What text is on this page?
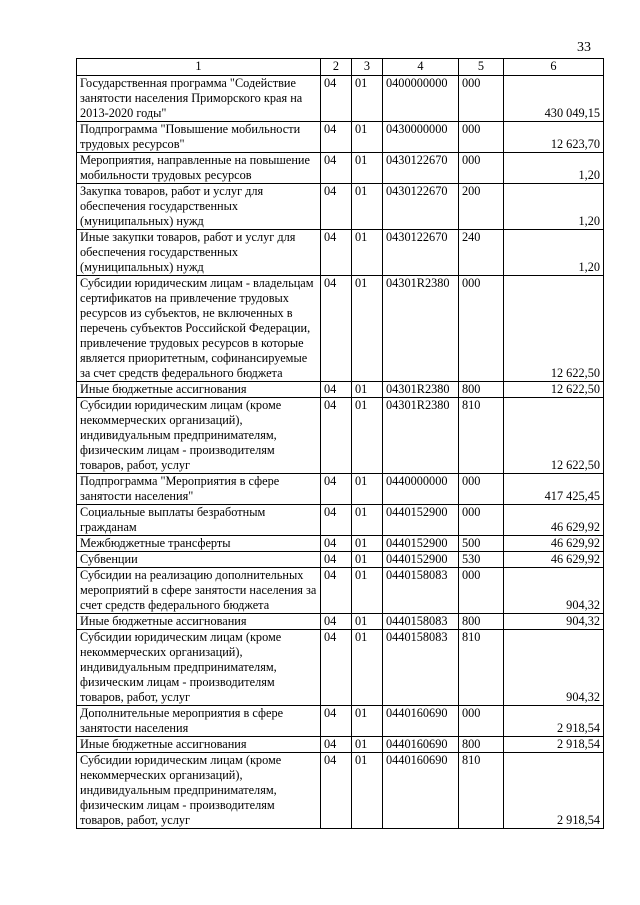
33
1	2	3	4	5	6
Государственная программа "Содействие занятости населения Приморского края на 2013-2020 годы"	04	01	0400000000	000	430 049,15
Подпрограмма "Повышение мобильности трудовых ресурсов"	04	01	0430000000	000	12 623,70
Мероприятия, направленные на повышение мобильности трудовых ресурсов	04	01	0430122670	000	1,20
Закупка товаров, работ и услуг для обеспечения государственных (муниципальных) нужд	04	01	0430122670	200	1,20
Иные закупки товаров, работ и услуг для обеспечения государственных (муниципальных) нужд	04	01	0430122670	240	1,20
Субсидии юридическим лицам - владельцам сертификатов на привлечение трудовых ресурсов из субъектов, не включенных в перечень субъектов Российской Федерации, привлечение трудовых ресурсов в которые является приоритетным, софинансируемые за счет средств федерального бюджета	04	01	04301R2380	000	12 622,50
Иные бюджетные ассигнования	04	01	04301R2380	800	12 622,50
Субсидии юридическим лицам (кроме некоммерческих организаций), индивидуальным предпринимателям, физическим лицам - производителям товаров, работ, услуг	04	01	04301R2380	810	12 622,50
Подпрограмма "Мероприятия в сфере занятости населения"	04	01	0440000000	000	417 425,45
Социальные выплаты безработным гражданам	04	01	0440152900	000	46 629,92
Межбюджетные трансферты	04	01	0440152900	500	46 629,92
Субвенции	04	01	0440152900	530	46 629,92
Субсидии на реализацию дополнительных мероприятий в сфере занятости населения за счет средств федерального бюджета	04	01	0440158083	000	904,32
Иные бюджетные ассигнования	04	01	0440158083	800	904,32
Субсидии юридическим лицам (кроме некоммерческих организаций), индивидуальным предпринимателям, физическим лицам - производителям товаров, работ, услуг	04	01	0440158083	810	904,32
Дополнительные мероприятия в сфере занятости населения	04	01	0440160690	000	2 918,54
Иные бюджетные ассигнования	04	01	0440160690	800	2 918,54
Субсидии юридическим лицам (кроме некоммерческих организаций), индивидуальным предпринимателям, физическим лицам - производителям товаров, работ, услуг	04	01	0440160690	810	2 918,54
